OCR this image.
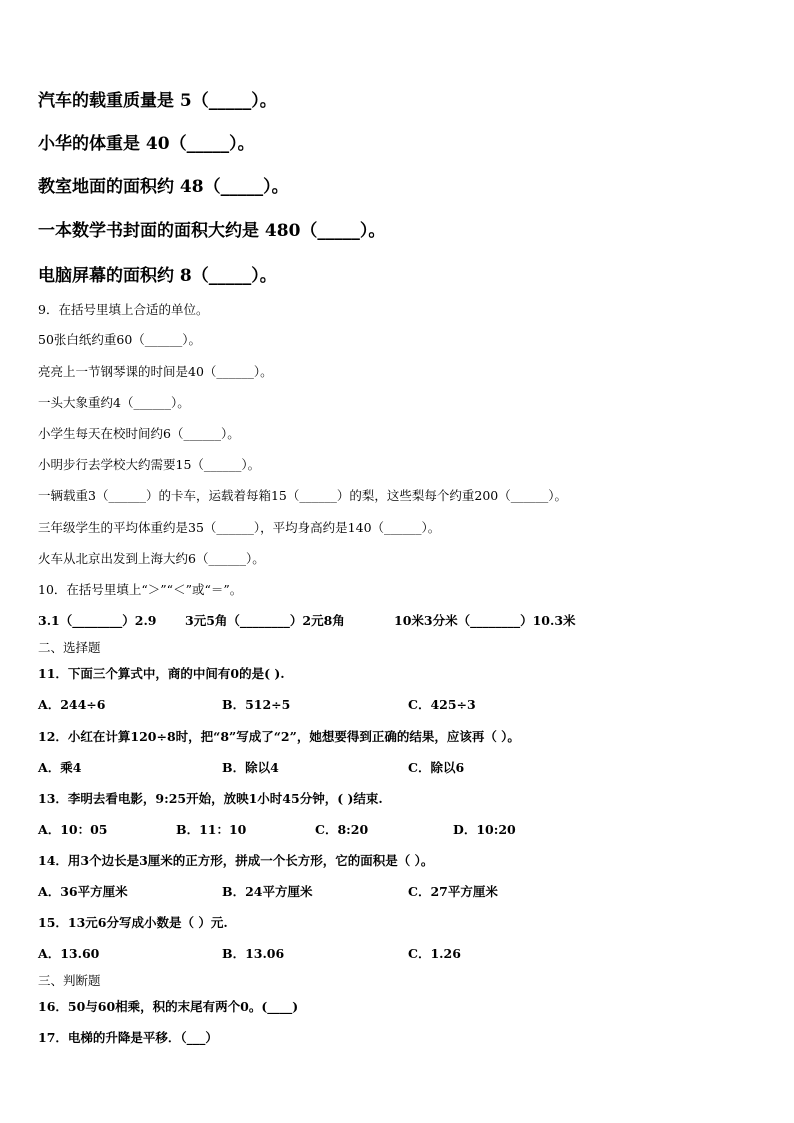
汽车的载重质量是 5（_____）。
小华的体重是 40（_____）。
教室地面的面积约 48（_____）。
一本数学书封面的面积大约是 480（_____）。
电脑屏幕的面积约 8（_____）。
9．在括号里填上合适的单位。
50张白纸约重60（______）。
亮亮上一节钢琴课的时间是40（______）。
一头大象重约4（______）。
小学生每天在校时间约6（______）。
小明步行去学校大约需要15（______）。
一辆载重3（______）的卡车，运载着每箱15（______）的梨，这些梨每个约重200（______）。
三年级学生的平均体重约是35（______），平均身高约是140（______）。
火车从北京出发到上海大约6（______）。
10．在括号里填上“＞”“＜”或“＝”。
3.1（________）2.9 3元5角（________）2元8角	10米3分米（________）10.3米
二、选择题
11．下面三个算式中，商的中间有0的是( ).
A．244÷6	B．512÷5	C．425÷3
12．小红在计算120÷8时，把“8”写成了“2”，她想要得到正确的结果，应该再（ ）。
A．乘4	B．除以4	C．除以6
13．李明去看电影，9:25开始，放映1小时45分钟，( )结束.
A．10：05	B．11：10	C．8:20	D．10:20
14．用3个边长是3厘米的正方形，拼成一个长方形，它的面积是（ ）。
A．36平方厘米	B．24平方厘米	C．27平方厘米
15．13元6分写成小数是（ ）元.
A．13.60	B．13.06	C．1.26
三、判断题
16．50与60相乘，积的末尾有两个0。(____)
17．电梯的升降是平移．（___）
